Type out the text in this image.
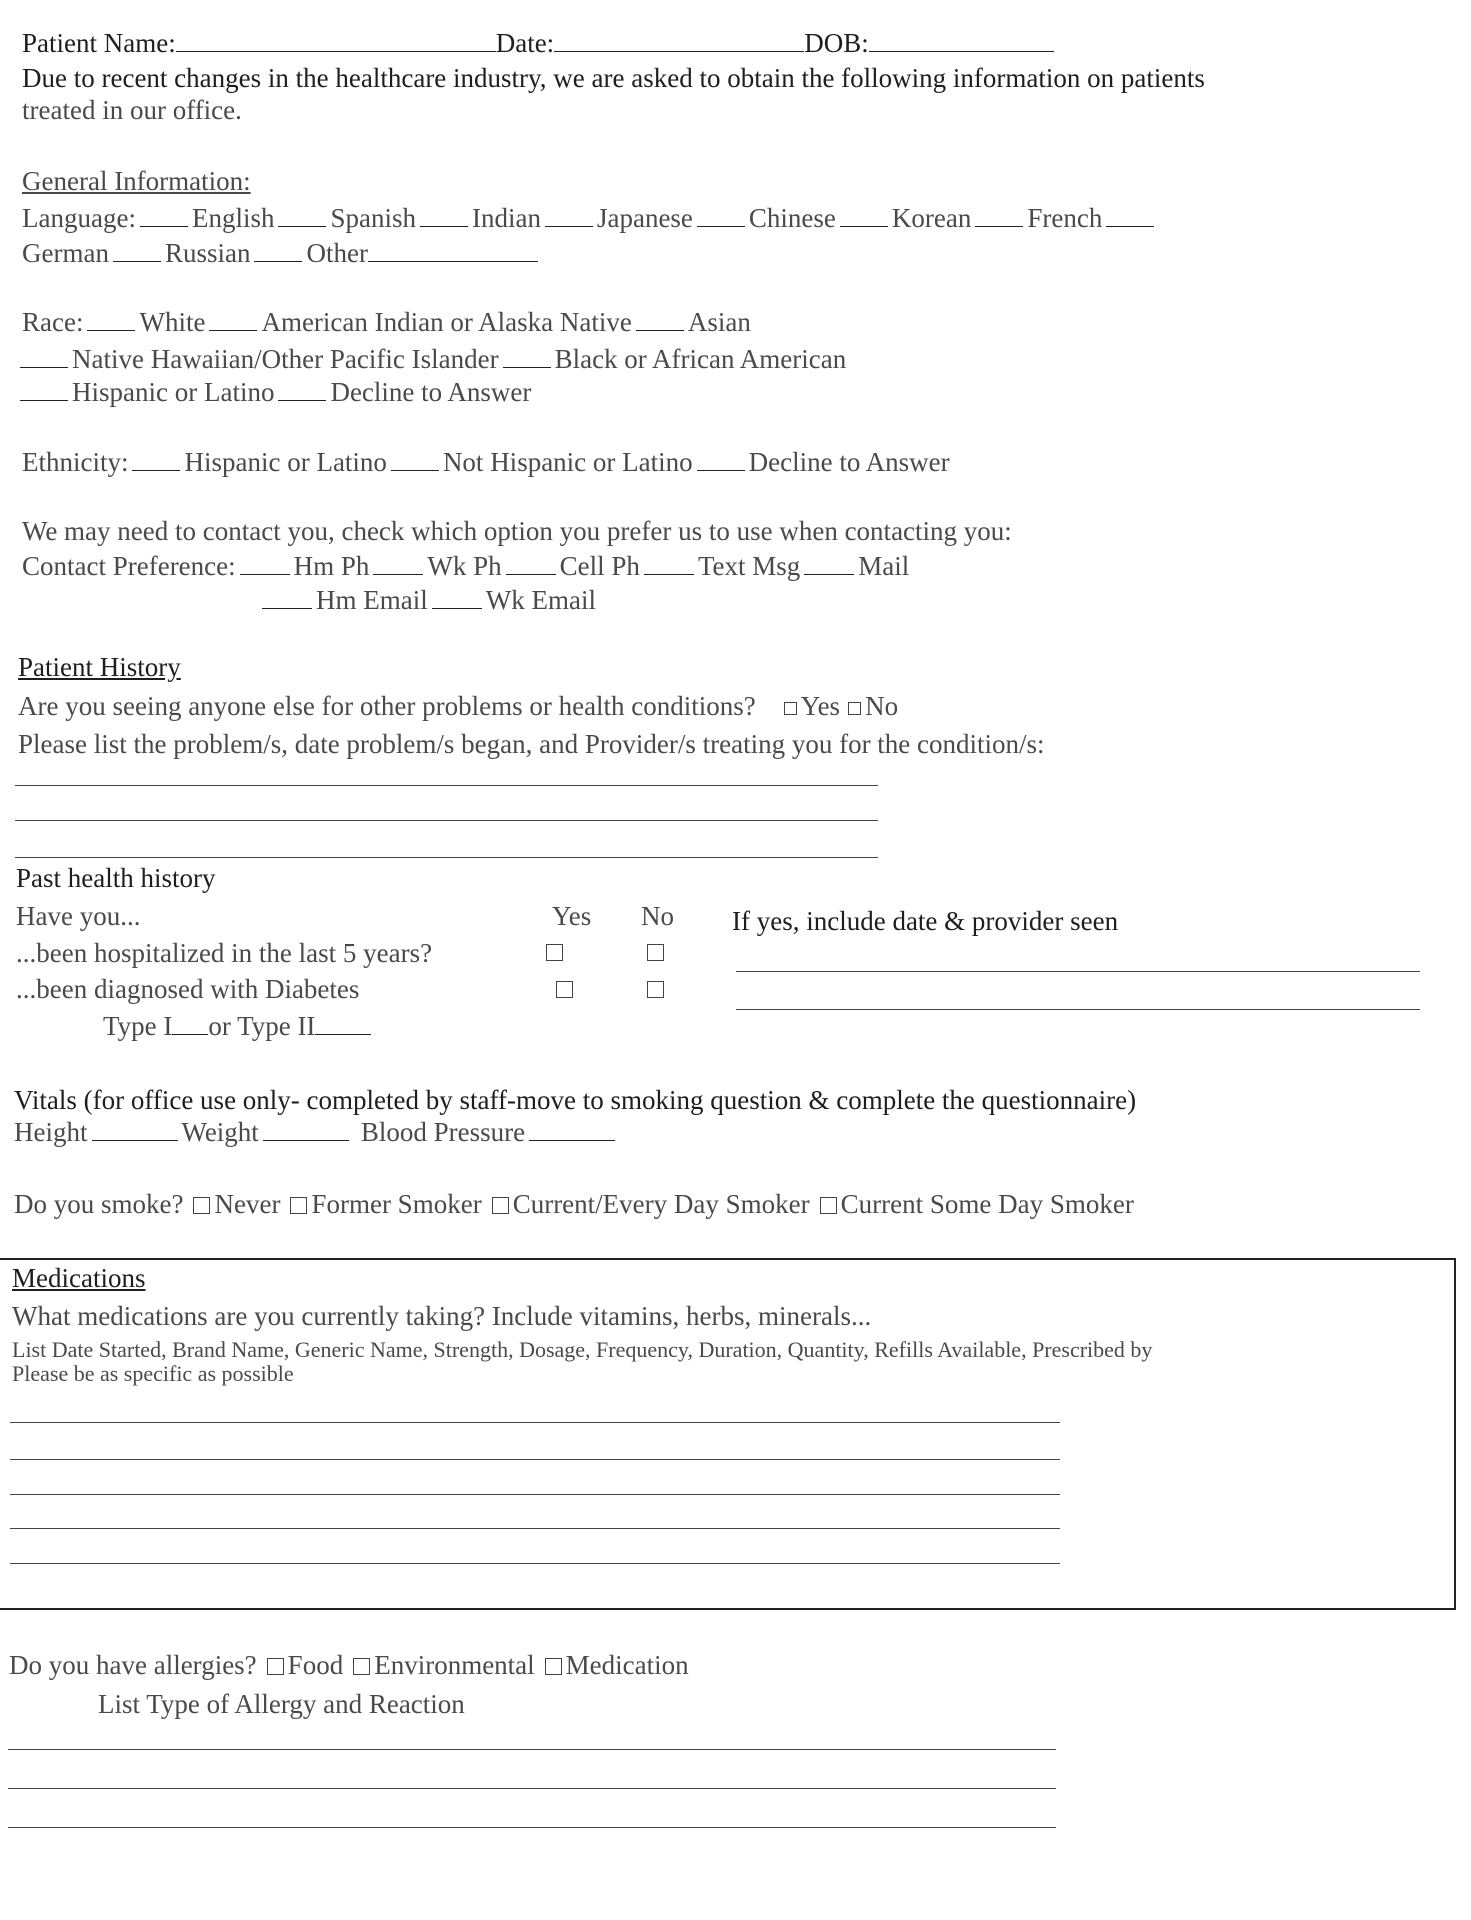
Patient Name:	Date:	DOB:
Due to recent changes in the healthcare industry, we are asked to obtain the following information on patients
treated in our office.
General Information:
Language: English Spanish Indian Japanese Chinese Korean French
German Russian Other
Race: White American Indian or Alaska Native Asian
Native Hawaiian/Other Pacific Islander Black or African American
Hispanic or Latino Decline to Answer
Ethnicity: Hispanic or Latino Not Hispanic or Latino Decline to Answer
We may need to contact you, check which option you prefer us to use when contacting you:
Contact Preference: Hm Ph Wk Ph Cell Ph Text Msg Mail
Hm Email Wk Email
Patient History
Are you seeing anyone else for other problems or health conditions? Yes No
Please list the problem/s, date problem/s began, and Provider/s treating you for the condition/s:
Past health history
Have you...	Yes No If yes, include date & provider seen
...been hospitalized in the last 5 years?
...been diagnosed with Diabetes
Type I or Type II
Vitals (for office use only- completed by staff-move to smoking question & complete the questionnaire)
Height	Weight	Blood Pressure
Do you smoke? Never Former Smoker Current/Every Day Smoker Current Some Day Smoker
Medications
What medications are you currently taking? Include vitamins, herbs, minerals...
List Date Started, Brand Name, Generic Name, Strength, Dosage, Frequency, Duration, Quantity, Refills Available, Prescribed by
Please be as specific as possible
Do you have allergies? Food Environmental Medication
List Type of Allergy and Reaction
